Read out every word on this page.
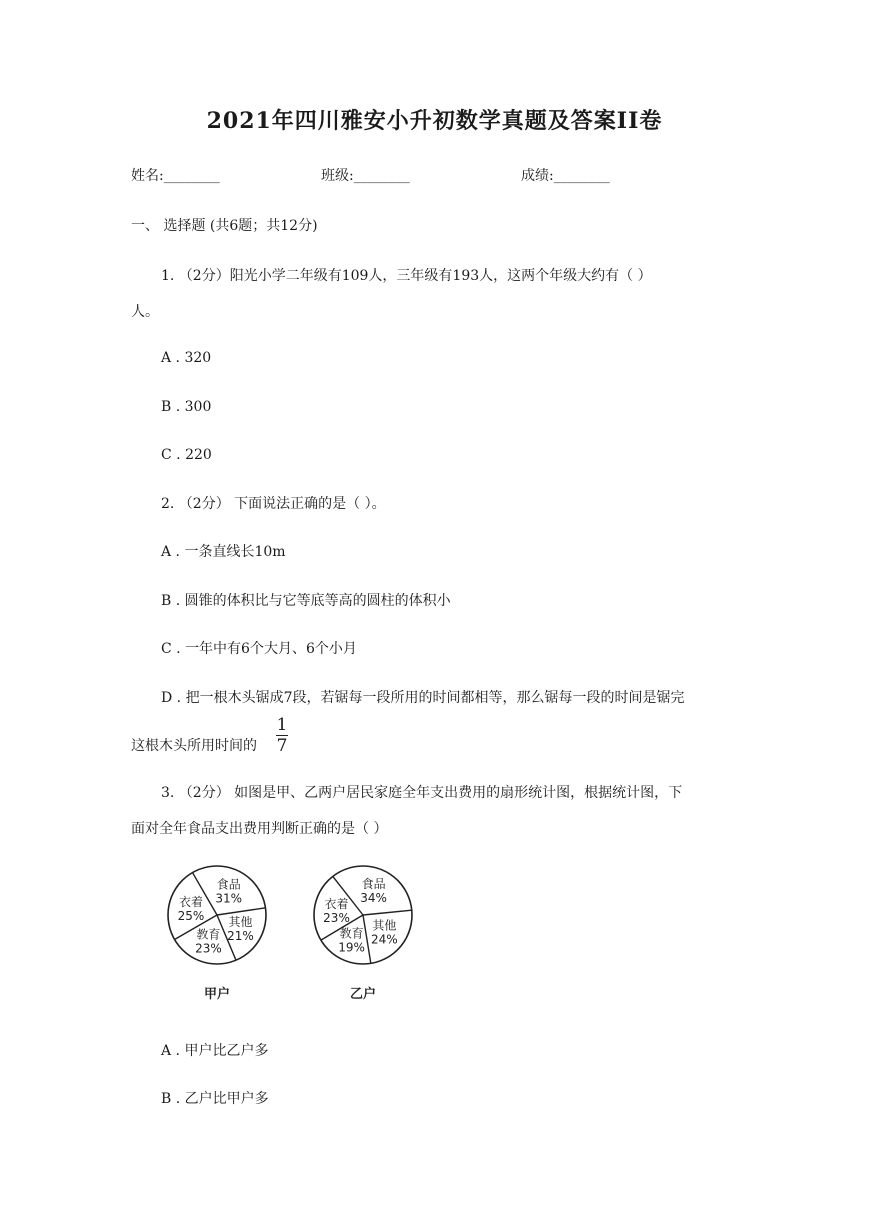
2021年四川雅安小升初数学真题及答案II卷
姓名:________	班级:________	成绩:________
一、 选择题 (共6题；共12分)
1. （2分）阳光小学二年级有109人，三年级有193人，这两个年级大约有（ ）
人。
A . 320
B . 300
C . 220
2. （2分） 下面说法正确的是（ ）。
A . 一条直线长10m
B . 圆锥的体积比与它等底等高的圆柱的体积小
C . 一年中有6个大月、6个小月
D . 把一根木头锯成7段，若锯每一段所用的时间都相等，那么锯每一段的时间是锯完
这根木头所用时间的
1
7
3. （2分） 如图是甲、乙两户居民家庭全年支出费用的扇形统计图，根据统计图，下
面对全年食品支出费用判断正确的是（ ）
食品
31%
其他
21%
教育
23%
衣着
25%
甲户
食品
34%
其他
24%
教育
19%
衣着
23%
乙户
A . 甲户比乙户多
B . 乙户比甲户多
